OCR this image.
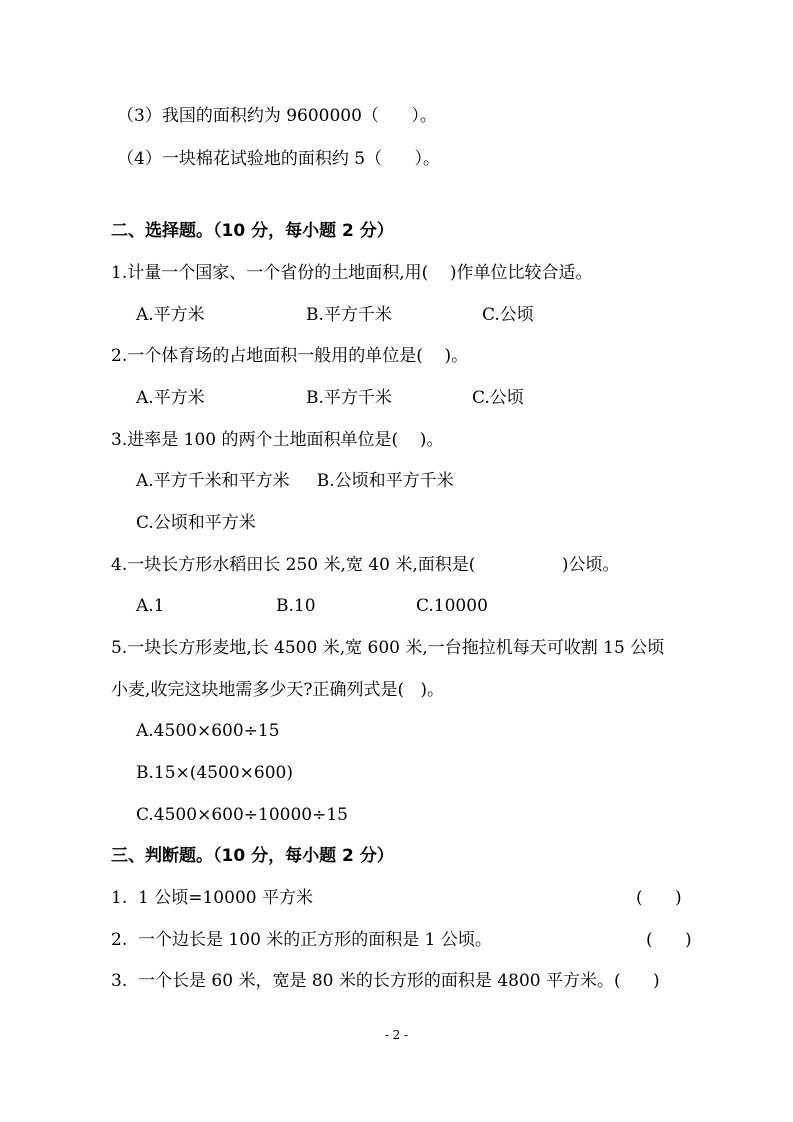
（3）我国的面积约为 9600000（      ）。
（4）一块棉花试验地的面积约 5（      ）。
二、选择题。（10 分，每小题 2 分）
1.计量一个国家、一个省份的土地面积,用(    )作单位比较合适。
A.平方米	B.平方千米	C.公顷
2.一个体育场的占地面积一般用的单位是(    )。
A.平方米	B.平方千米	C.公顷
3.进率是 100 的两个土地面积单位是(    )。
A.平方千米和平方米     B.公顷和平方千米
C.公顷和平方米
4.一块长方形水稻田长 250 米,宽 40 米,面积是(                )公顷。
A.1	B.10	C.10000
5.一块长方形麦地,长 4500 米,宽 600 米,一台拖拉机每天可收割 15 公顷
小麦,收完这块地需多少天?正确列式是(   )。
A.4500×600÷15
B.15×(4500×600)
C.4500×600÷10000÷15
三、判断题。（10 分，每小题 2 分）
1.  1 公顷=10000 平方米	(      )
2.  一个边长是 100 米的正方形的面积是 1 公顷。	(      )
3.  一个长是 60 米，宽是 80 米的长方形的面积是 4800 平方米。(      )
- 2 -
